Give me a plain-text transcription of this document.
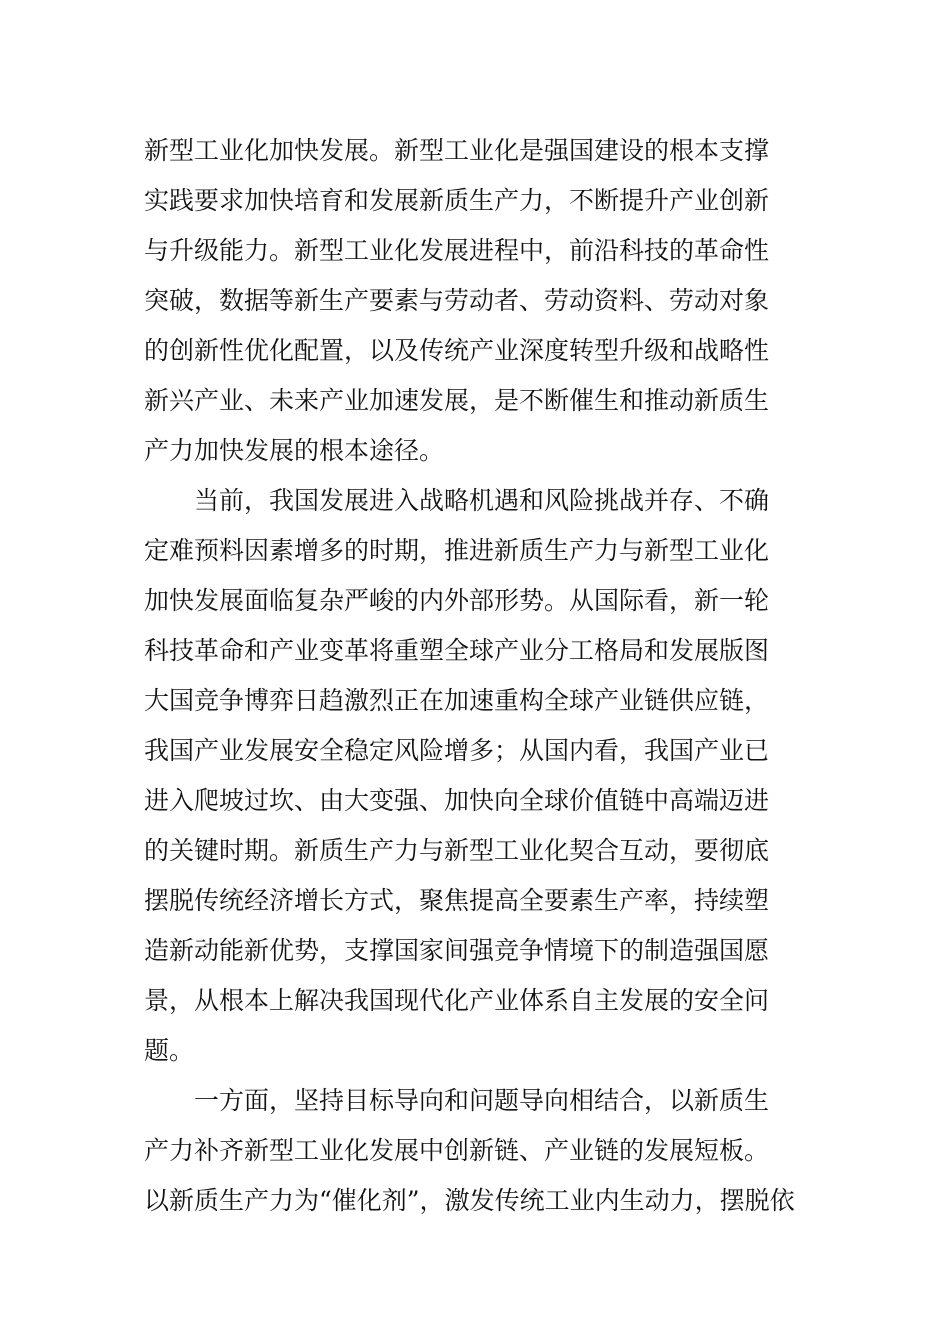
新型工业化加快发展。新型工业化是强国建设的根本支撑
实践要求加快培育和发展新质生产力，不断提升产业创新
与升级能力。新型工业化发展进程中，前沿科技的革命性
突破，数据等新生产要素与劳动者、劳动资料、劳动对象
的创新性优化配置，以及传统产业深度转型升级和战略性
新兴产业、未来产业加速发展，是不断催生和推动新质生
产力加快发展的根本途径。
当前，我国发展进入战略机遇和风险挑战并存、不确
定难预料因素增多的时期，推进新质生产力与新型工业化
加快发展面临复杂严峻的内外部形势。从国际看，新一轮
科技革命和产业变革将重塑全球产业分工格局和发展版图
大国竞争博弈日趋激烈正在加速重构全球产业链供应链，
我国产业发展安全稳定风险增多；从国内看，我国产业已
进入爬坡过坎、由大变强、加快向全球价值链中高端迈进
的关键时期。新质生产力与新型工业化契合互动，要彻底
摆脱传统经济增长方式，聚焦提高全要素生产率，持续塑
造新动能新优势，支撑国家间强竞争情境下的制造强国愿
景，从根本上解决我国现代化产业体系自主发展的安全问
题。
一方面，坚持目标导向和问题导向相结合，以新质生
产力补齐新型工业化发展中创新链、产业链的发展短板。
以新质生产力为“催化剂”，激发传统工业内生动力，摆脱依
